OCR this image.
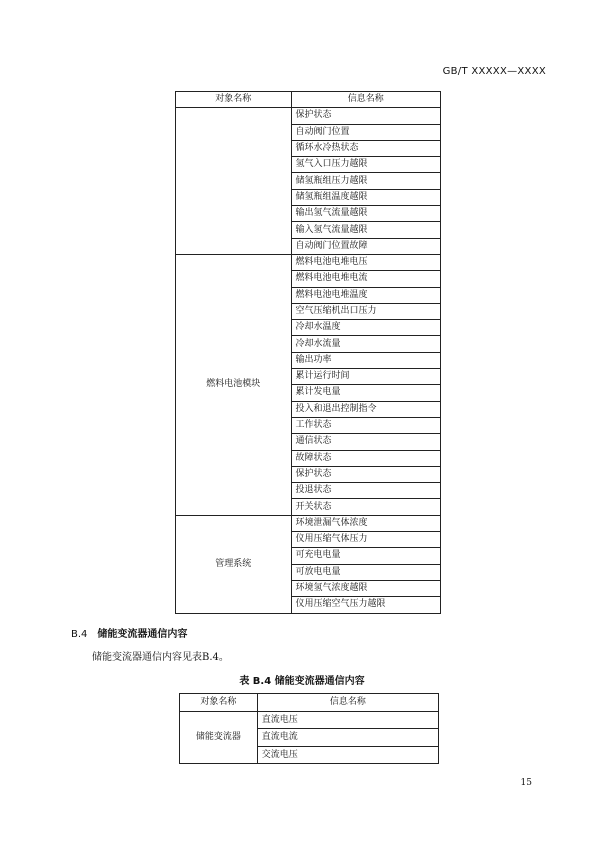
GB/T XXXXX—XXXX
对象名称	信息名称
	保护状态
	自动阀门位置
	循环水冷热状态
	氢气入口压力越限
	储氢瓶组压力越限
	储氢瓶组温度越限
	输出氢气流量越限
	输入氢气流量越限
	自动阀门位置故障
燃料电池模块	燃料电池电堆电压
	燃料电池电堆电流
	燃料电池电堆温度
	空气压缩机出口压力
	冷却水温度
	冷却水流量
	输出功率
	累计运行时间
	累计发电量
	投入和退出控制指令
	工作状态
	通信状态
	故障状态
	保护状态
	投退状态
	开关状态
管理系统	环境泄漏气体浓度
	仪用压缩气体压力
	可充电电量
	可放电电量
	环境氢气浓度越限
	仪用压缩空气压力越限
B.4 储能变流器通信内容
储能变流器通信内容见表B.4。
表 B.4 储能变流器通信内容
对象名称	信息名称
储能变流器	直流电压
	直流电流
	交流电压
15
